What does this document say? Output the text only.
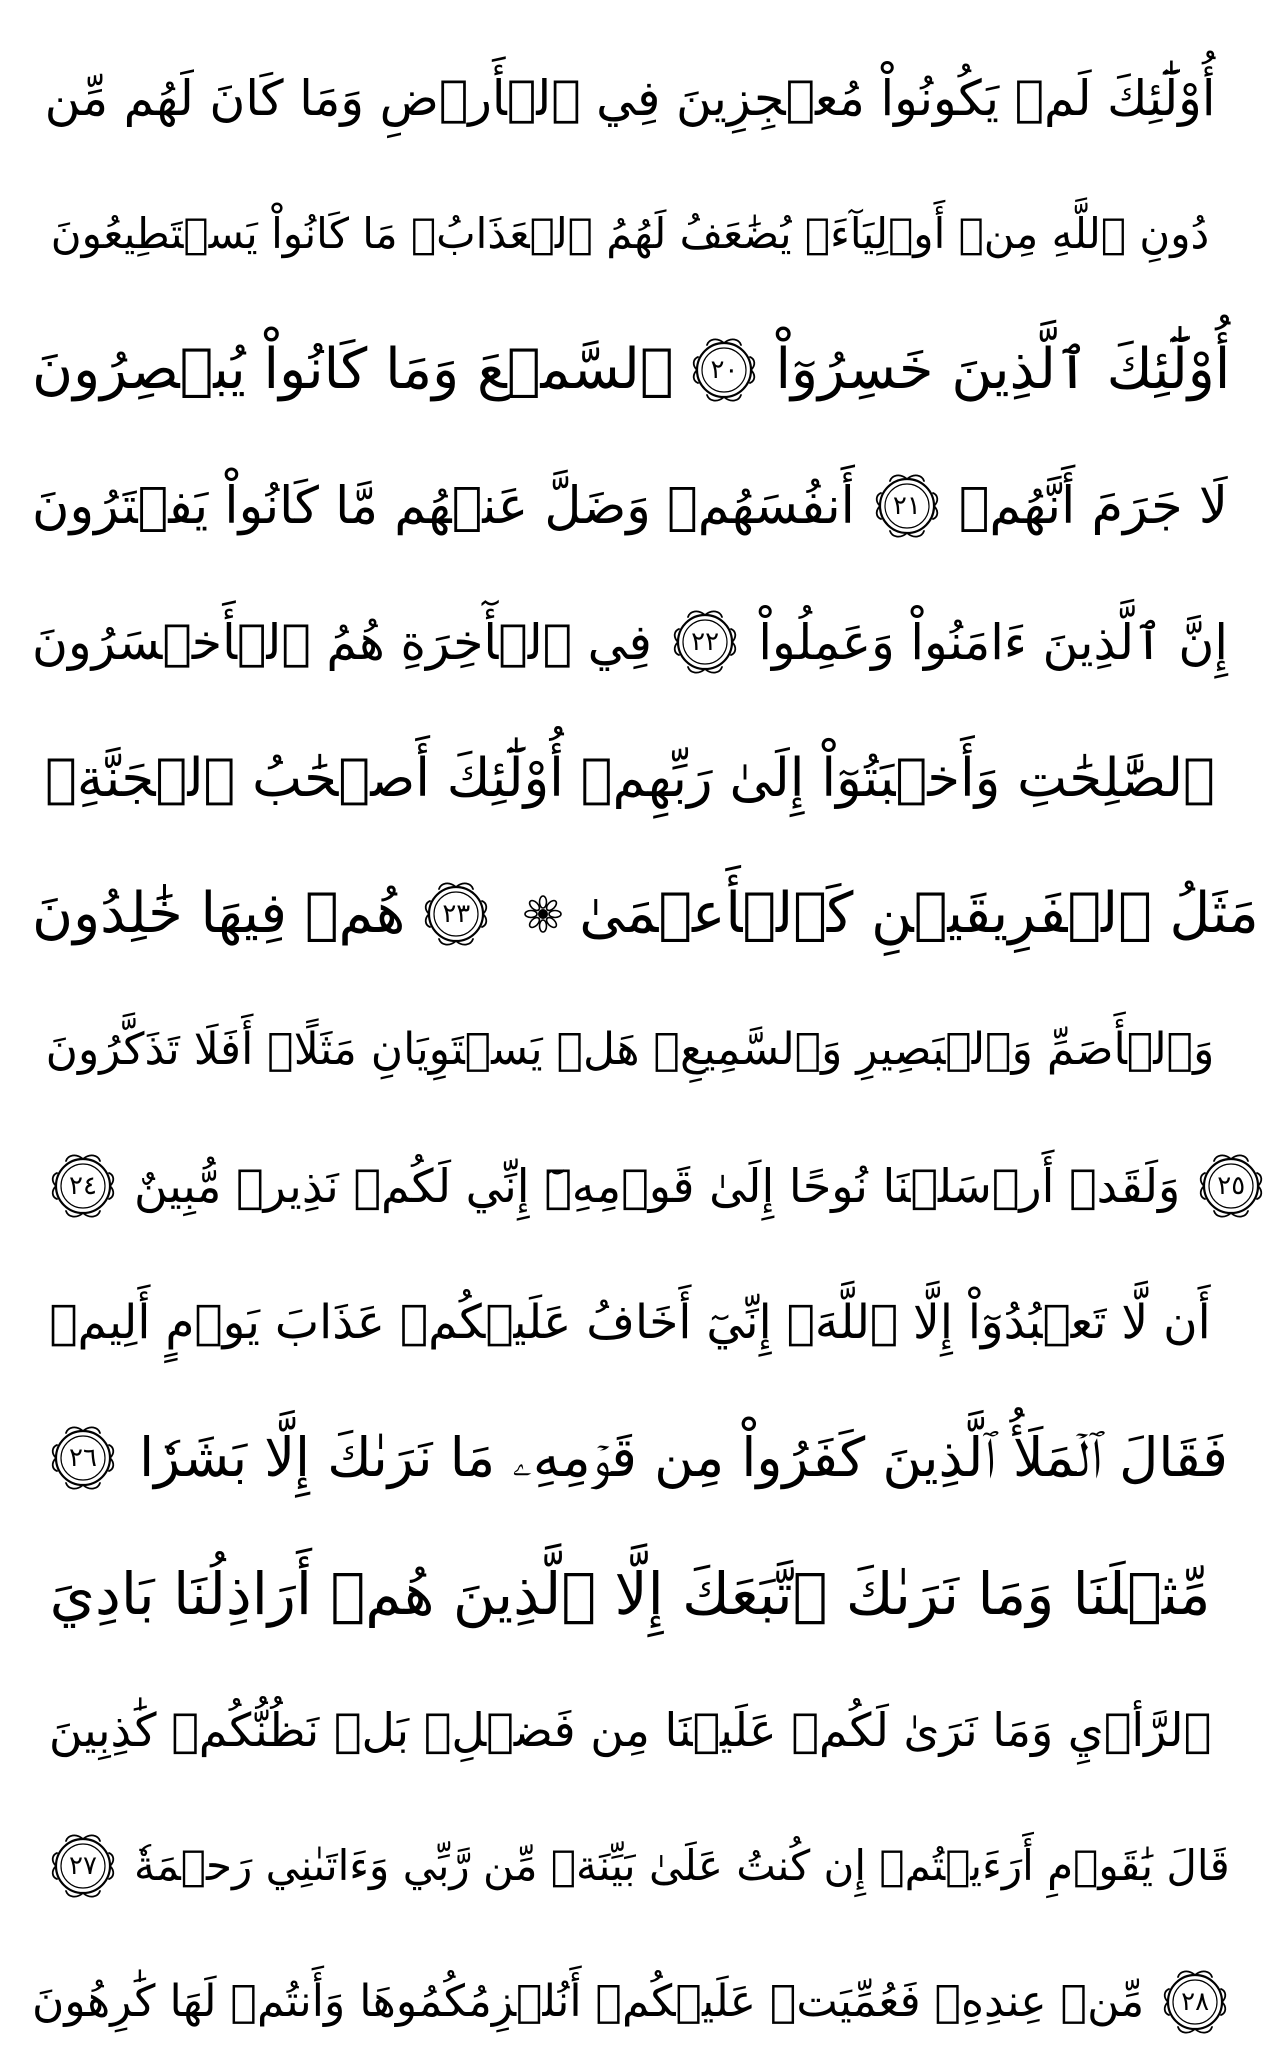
أُوْلَٰٓئِكَ لَمۡ يَكُونُواْ مُعۡجِزِينَ فِي ٱلۡأَرۡضِ وَمَا كَانَ لَهُم مِّن
دُونِ ٱللَّهِ مِنۡ أَوۡلِيَآءَۘ يُضَٰعَفُ لَهُمُ ٱلۡعَذَابُۚ مَا كَانُواْ يَسۡتَطِيعُونَ
ٱلسَّمۡعَ وَمَا كَانُواْ يُبۡصِرُونَ ٢٠ أُوْلَٰٓئِكَ ٱلَّذِينَ خَسِرُوٓاْ
أَنفُسَهُمۡ وَضَلَّ عَنۡهُم مَّا كَانُواْ يَفۡتَرُونَ ٢١ لَا جَرَمَ أَنَّهُمۡ
فِي ٱلۡأٓخِرَةِ هُمُ ٱلۡأَخۡسَرُونَ ٢٢ إِنَّ ٱلَّذِينَ ءَامَنُواْ وَعَمِلُواْ
ٱلصَّٰلِحَٰتِ وَأَخۡبَتُوٓاْ إِلَىٰ رَبِّهِمۡ أُوْلَٰٓئِكَ أَصۡحَٰبُ ٱلۡجَنَّةِۖ
هُمۡ فِيهَا خَٰلِدُونَ ٢٣ مَثَلُ ٱلۡفَرِيقَيۡنِ كَٱلۡأَعۡمَىٰ
وَٱلۡأَصَمِّ وَٱلۡبَصِيرِ وَٱلسَّمِيعِۚ هَلۡ يَسۡتَوِيَانِ مَثَلًاۚ أَفَلَا تَذَكَّرُونَ
٢٤ وَلَقَدۡ أَرۡسَلۡنَا نُوحًا إِلَىٰ قَوۡمِهِۦٓ إِنِّي لَكُمۡ نَذِيرٞ مُّبِينٌ ٢٥
أَن لَّا تَعۡبُدُوٓاْ إِلَّا ٱللَّهَۖ إِنِّيٓ أَخَافُ عَلَيۡكُمۡ عَذَابَ يَوۡمٍ أَلِيمٖ
٢٦ فَقَالَ ٱلۡمَلَأُ ٱلَّذِينَ كَفَرُواْ مِن قَوۡمِهِۦ مَا نَرَىٰكَ إِلَّا بَشَرٗا
مِّثۡلَنَا وَمَا نَرَىٰكَ ٱتَّبَعَكَ إِلَّا ٱلَّذِينَ هُمۡ أَرَاذِلُنَا بَادِيَ
ٱلرَّأۡيِ وَمَا نَرَىٰ لَكُمۡ عَلَيۡنَا مِن فَضۡلِۢ بَلۡ نَظُنُّكُمۡ كَٰذِبِينَ
٢٧ قَالَ يَٰقَوۡمِ أَرَءَيۡتُمۡ إِن كُنتُ عَلَىٰ بَيِّنَةٖ مِّن رَّبِّي وَءَاتَىٰنِي رَحۡمَةٗ
مِّنۡ عِندِهِۦ فَعُمِّيَتۡ عَلَيۡكُمۡ أَنُلۡزِمُكُمُوهَا وَأَنتُمۡ لَهَا كَٰرِهُونَ ٢٨
